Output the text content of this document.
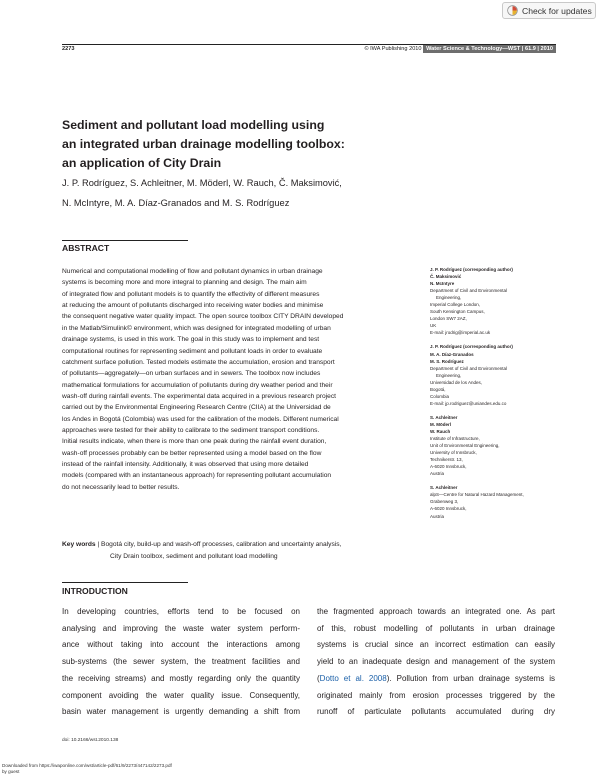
Check for updates
2273	© IWA Publishing 2010 Water Science & Technology—WST | 61.9 | 2010
Sediment and pollutant load modelling using
an integrated urban drainage modelling toolbox:
an application of City Drain
J. P. Rodríguez, S. Achleitner, M. Möderl, W. Rauch, Č. Maksimović,
N. McIntyre, M. A. Díaz-Granados and M. S. Rodríguez
ABSTRACT
Numerical and computational modelling of flow and pollutant dynamics in urban drainage
systems is becoming more and more integral to planning and design. The main aim
of integrated flow and pollutant models is to quantify the effectivity of different measures
at reducing the amount of pollutants discharged into receiving water bodies and minimise
the consequent negative water quality impact. The open source toolbox CITY DRAIN developed
in the Matlab/Simulink© environment, which was designed for integrated modelling of urban
drainage systems, is used in this work. The goal in this study was to implement and test
computational routines for representing sediment and pollutant loads in order to evaluate
catchment surface pollution. Tested models estimate the accumulation, erosion and transport
of pollutants—aggregately—on urban surfaces and in sewers. The toolbox now includes
mathematical formulations for accumulation of pollutants during dry weather period and their
wash-off during rainfall events. The experimental data acquired in a previous research project
carried out by the Environmental Engineering Research Centre (CIIA) at the Universidad de
los Andes in Bogotá (Colombia) was used for the calibration of the models. Different numerical
approaches were tested for their ability to calibrate to the sediment transport conditions.
Initial results indicate, when there is more than one peak during the rainfall event duration,
wash-off processes probably can be better represented using a model based on the flow
instead of the rainfall intensity. Additionally, it was observed that using more detailed
models (compared with an instantaneous approach) for representing pollutant accumulation
do not necessarily lead to better results.
Key words | Bogotá city, build-up and wash-off processes, calibration and uncertainty analysis,
City Drain toolbox, sediment and pollutant load modelling
J. P. Rodríguez (corresponding author)
Č. Maksimović
N. McIntyre
Department of Civil and Environmental
Engineering,
Imperial College London,
South Kensington Campus,
London SW7 2AZ,
UK
E-mail: jrodrig@imperial.ac.uk
J. P. Rodríguez (corresponding author)
M. A. Díaz-Granados
M. S. Rodríguez
Department of Civil and Environmental
Engineering,
Universidad de los Andes,
Bogotá,
Colombia
E-mail: jp.rodriguez@uniandes.edu.co
S. Achleitner
M. Möderl
W. Rauch
Institute of Infrastructure,
Unit of Environmental Engineering,
University of Innsbruck,
Technikerstr. 13,
A-6020 Innsbruck,
Austria
S. Achleitner
alpS—Centre for Natural Hazard Management,
Grabenweg 3,
A-6020 Innsbruck,
Austria
INTRODUCTION
In developing countries, efforts tend to be focused on
analysing and improving the waste water system perform-
ance without taking into account the interactions among
sub-systems (the sewer system, the treatment facilities and
the receiving streams) and mostly regarding only the quantity
component avoiding the water quality issue. Consequently,
basin water management is urgently demanding a shift from
the fragmented approach towards an integrated one. As part
of this, robust modelling of pollutants in urban drainage
systems is crucial since an incorrect estimation can easily
yield to an inadequate design and management of the system
(Dotto et al. 2008). Pollution from urban drainage systems is
originated mainly from erosion processes triggered by the
runoff of particulate pollutants accumulated during dry
doi: 10.2166/wst.2010.138
Downloaded from https://iwaponline.com/wst/article-pdf/61/9/2273/447142/2273.pdf
by guest
